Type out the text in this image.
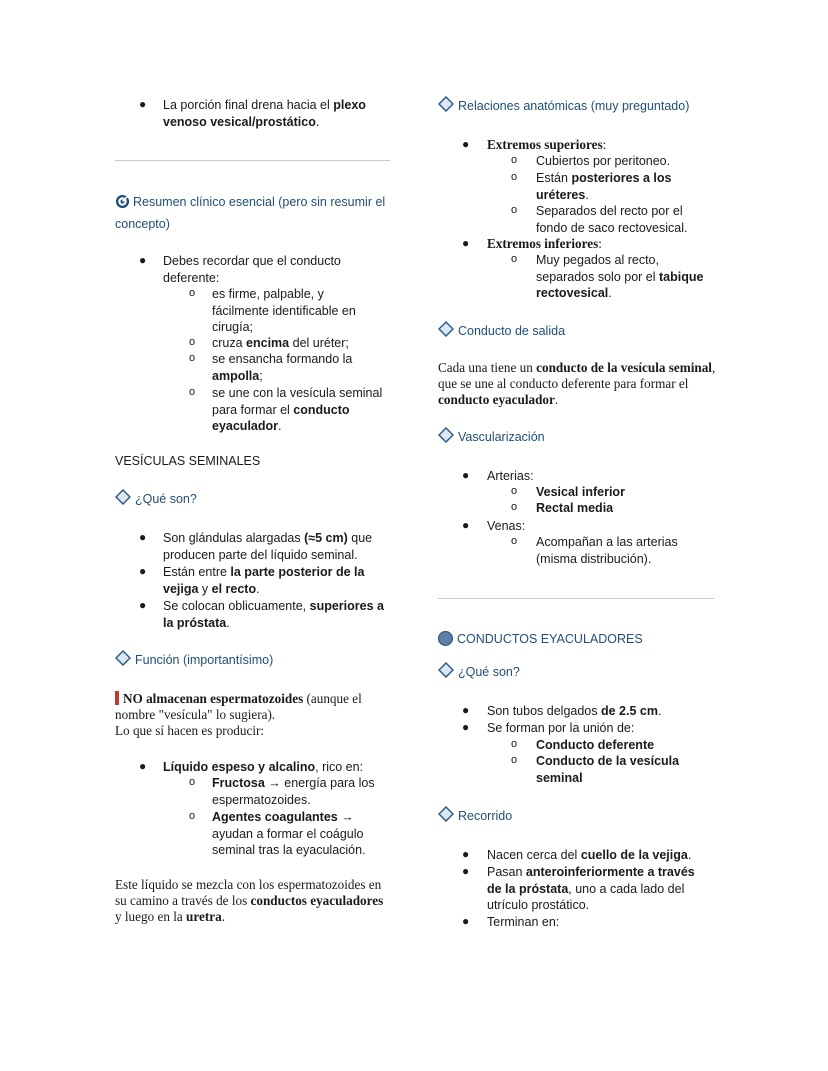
● La porción final drena hacia el plexo venoso vesical/prostático.
Resumen clínico esencial (pero sin resumir el concepto)
● Debes recordar que el conducto deferente:
o es firme, palpable, y fácilmente identificable en cirugía;
o cruza encima del uréter;
o se ensancha formando la ampolla;
o se une con la vesícula seminal para formar el conducto eyaculador.
VESÍCULAS SEMINALES
¿Qué son?
● Son glándulas alargadas (≈5 cm) que producen parte del líquido seminal.
● Están entre la parte posterior de la vejiga y el recto.
● Se colocan oblicuamente, superiores a la próstata.
Función (importantísimo)
NO almacenan espermatozoides (aunque el nombre "vesícula" lo sugiera).
Lo que sí hacen es producir:
● Líquido espeso y alcalino, rico en:
o Fructosa → energía para los espermatozoides.
o Agentes coagulantes → ayudan a formar el coágulo seminal tras la eyaculación.
Este líquido se mezcla con los espermatozoides en su camino a través de los conductos eyaculadores y luego en la uretra.
Relaciones anatómicas (muy preguntado)
● Extremos superiores:
o Cubiertos por peritoneo.
o Están posteriores a los uréteres.
o Separados del recto por el fondo de saco rectovesical.
● Extremos inferiores:
o Muy pegados al recto, separados solo por el tabique rectovesical.
Conducto de salida
Cada una tiene un conducto de la vesícula seminal, que se une al conducto deferente para formar el conducto eyaculador.
Vascularización
● Arterias:
o Vesical inferior
o Rectal media
● Venas:
o Acompañan a las arterias (misma distribución).
CONDUCTOS EYACULADORES
¿Qué son?
● Son tubos delgados de 2.5 cm.
● Se forman por la unión de:
o Conducto deferente
o Conducto de la vesícula seminal
Recorrido
● Nacen cerca del cuello de la vejiga.
● Pasan anteroinferiormente a través de la próstata, uno a cada lado del utrículo prostático.
● Terminan en:
